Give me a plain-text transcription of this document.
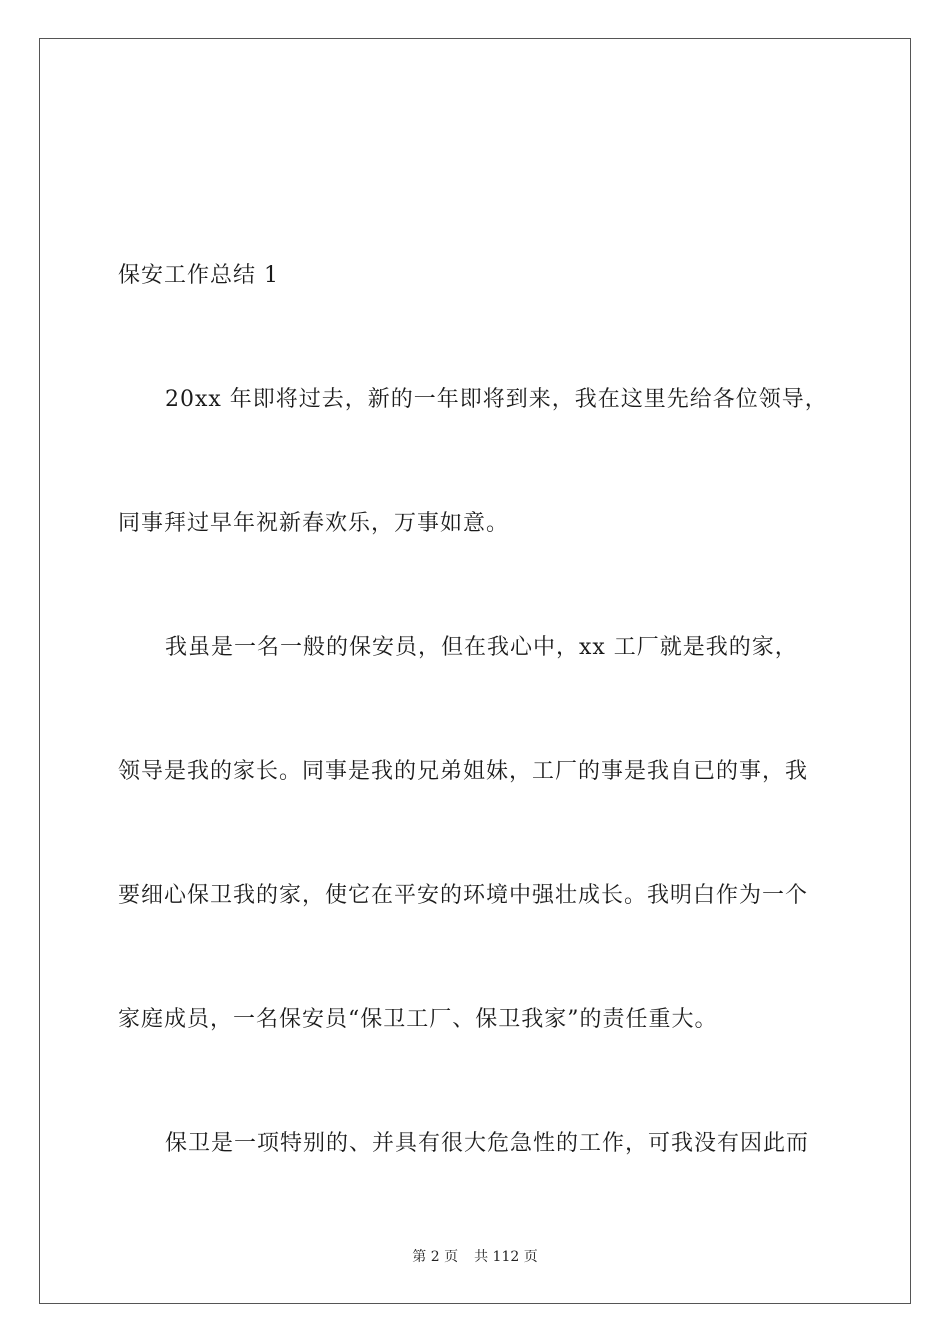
保安工作总结 1
20xx 年即将过去，新的一年即将到来，我在这里先给各位领导，
同事拜过早年祝新春欢乐，万事如意。
我虽是一名一般的保安员，但在我心中，xx 工厂就是我的家，
领导是我的家长。同事是我的兄弟姐妹，工厂的事是我自已的事，我
要细心保卫我的家，使它在平安的环境中强壮成长。我明白作为一个
家庭成员，一名保安员“保卫工厂、保卫我家”的责任重大。
保卫是一项特别的、并具有很大危急性的工作，可我没有因此而
第 2 页 共 112 页
